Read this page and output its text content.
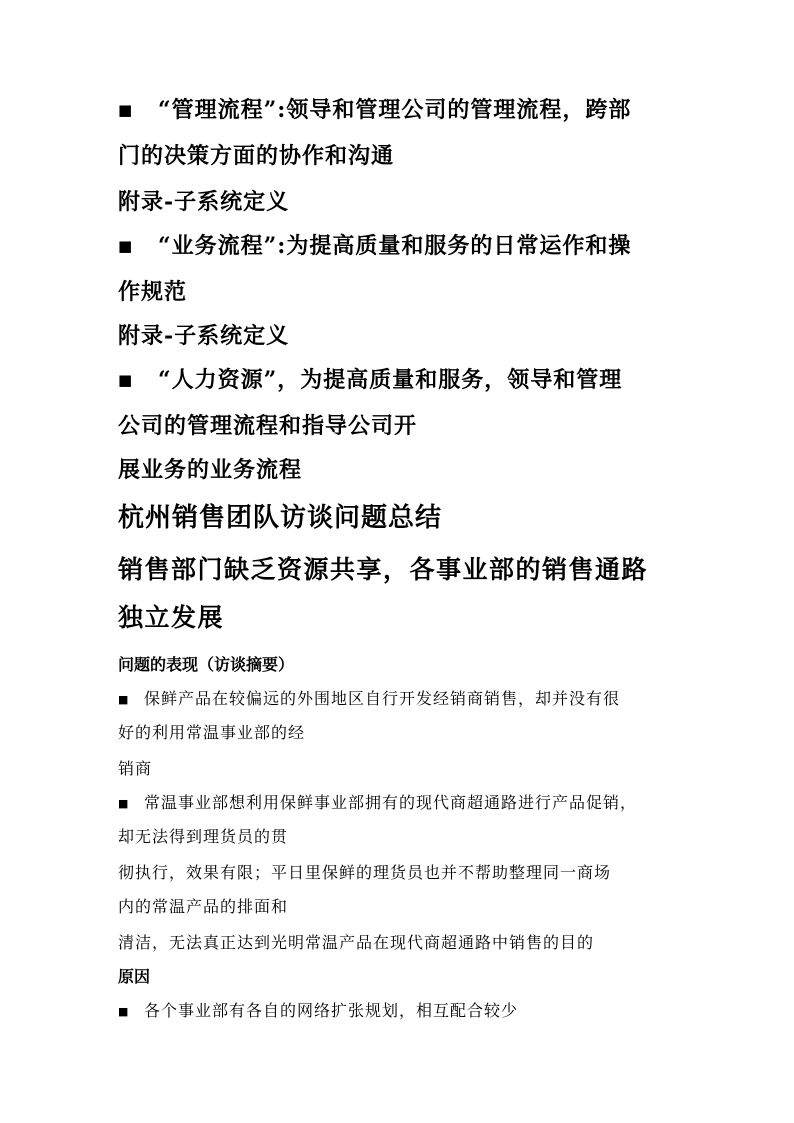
■ “管理流程”:领导和管理公司的管理流程，跨部
门的决策方面的协作和沟通
附录-子系统定义
■ “业务流程”:为提高质量和服务的日常运作和操
作规范
附录-子系统定义
■ “人力资源”，为提高质量和服务，领导和管理
公司的管理流程和指导公司开
展业务的业务流程
杭州销售团队访谈问题总结
销售部门缺乏资源共享，各事业部的销售通路
独立发展
问题的表现（访谈摘要）
■ 保鲜产品在较偏远的外围地区自行开发经销商销售，却并没有很
好的利用常温事业部的经
销商
■ 常温事业部想利用保鲜事业部拥有的现代商超通路进行产品促销，
却无法得到理货员的贯
彻执行，效果有限；平日里保鲜的理货员也并不帮助整理同一商场
内的常温产品的排面和
清洁，无法真正达到光明常温产品在现代商超通路中销售的目的
原因
■ 各个事业部有各自的网络扩张规划，相互配合较少
